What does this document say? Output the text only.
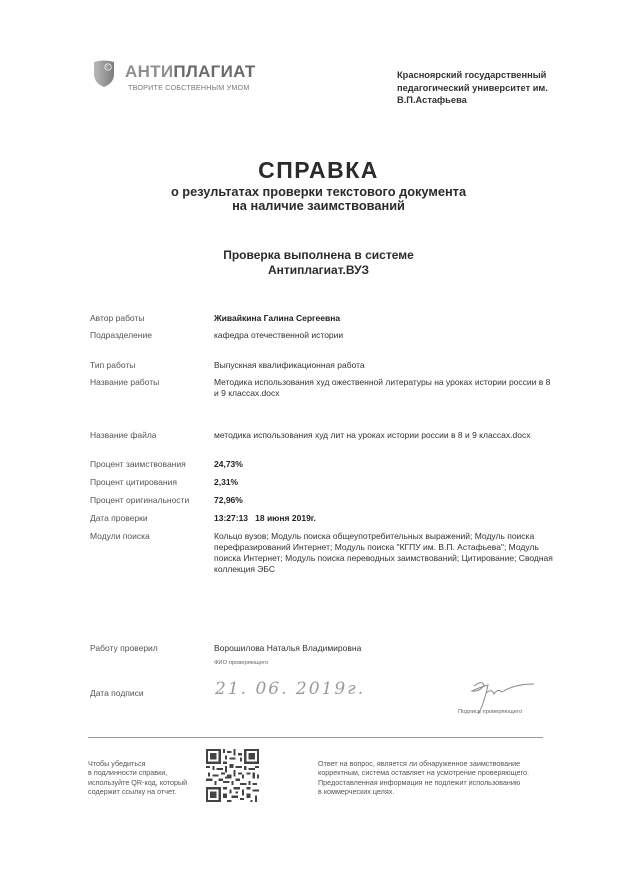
C АНТИПЛАГИАТ
ТВОРИТЕ СОБСТВЕННЫМ УМОМ
Красноярский государственный
педагогический университет им.
В.П.Астафьева
СПРАВКА
о результатах проверки текстового документа
на наличие заимствований
Проверка выполнена в системе
Антиплагиат.ВУЗ
Автор работы	Живайкина Галина Сергеевна
Подразделение	кафедра отечественной истории
Тип работы	Выпускная квалификационная работа
Название работы	Методика использования худ ожественной литературы на уроках истории россии в 8 и 9 классах.docx
Название файла	методика использования худ лит на уроках истории россии в 8 и 9 классах.docx
Процент заимствования	24,73%
Процент цитирования	2,31%
Процент оригинальности	72,96%
Дата проверки	13:27:13 18 июня 2019г.
Модули поиска	Кольцо вузов; Модуль поиска общеупотребительных выражений; Модуль поиска перефразирований Интернет; Модуль поиска "КГПУ им. В.П. Астафьева"; Модуль поиска Интернет; Модуль поиска переводных заимствований; Цитирование; Сводная коллекция ЭБС
Работу проверил	Ворошилова Наталья Владимировна
ФИО проверяющего
Дата подписи	21. 06. 2019г.
Подпись проверяющего
Чтобы убедиться
в подлинности справки,
используйте QR-код, который
содержит ссылку на отчет.
Ответ на вопрос, является ли обнаруженное заимствование
корректным, система оставляет на усмотрение проверяющего.
Предоставленная информация не подлежит использованию
в коммерческих целях.
